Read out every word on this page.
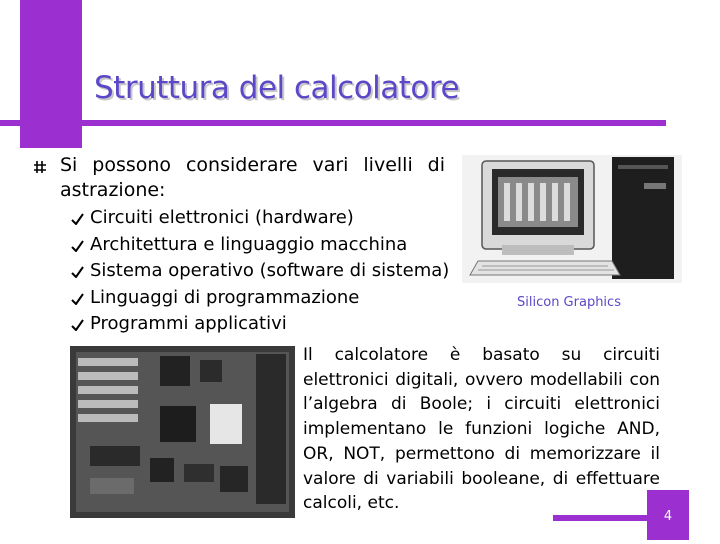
Struttura del calcolatore
Si possono considerare vari livelli di astrazione:
Circuiti elettronici (hardware)
Architettura e linguaggio macchina
Sistema operativo (software di sistema)
Linguaggi di programmazione
Programmi applicativi
Silicon Graphics
Il calcolatore è basato su circuiti elettronici digitali, ovvero modellabili con l’algebra di Boole; i circuiti elettronici implementano le funzioni logiche AND, OR, NOT, permettono di memorizzare il valore di variabili booleane, di effettuare calcoli, etc.
4
